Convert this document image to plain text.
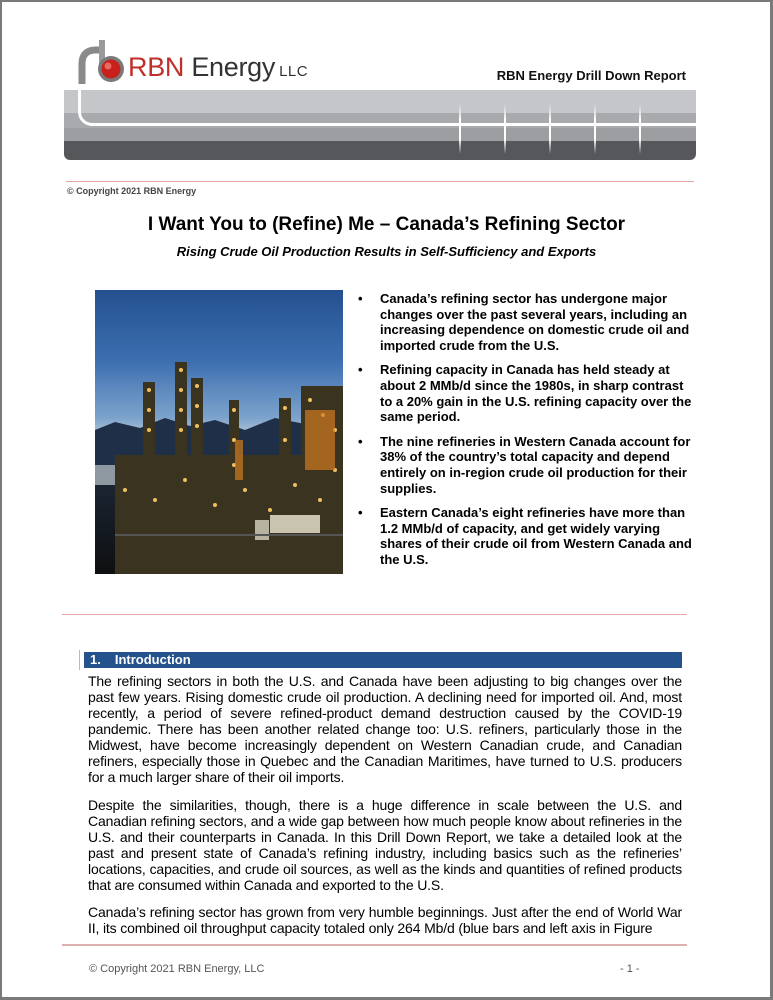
RBN Energy LLC	RBN Energy Drill Down Report
© Copyright 2021 RBN Energy
I Want You to (Refine) Me – Canada’s Refining Sector
Rising Crude Oil Production Results in Self-Sufficiency and Exports
• Canada’s refining sector has undergone major changes over the past several years, including an increasing dependence on domestic crude oil and imported crude from the U.S.
• Refining capacity in Canada has held steady at about 2 MMb/d since the 1980s, in sharp contrast to a 20% gain in the U.S. refining capacity over the same period.
• The nine refineries in Western Canada account for 38% of the country’s total capacity and depend entirely on in-region crude oil production for their supplies.
• Eastern Canada’s eight refineries have more than 1.2 MMb/d of capacity, and get widely varying shares of their crude oil from Western Canada and the U.S.
1. Introduction

The refining sectors in both the U.S. and Canada have been adjusting to big changes over the past few years. Rising domestic crude oil production. A declining need for imported oil. And, most recently, a period of severe refined-product demand destruction caused by the COVID-19 pandemic. There has been another related change too: U.S. refiners, particularly those in the Midwest, have become increasingly dependent on Western Canadian crude, and Canadian refiners, especially those in Quebec and the Canadian Maritimes, have turned to U.S. producers for a much larger share of their oil imports.

Despite the similarities, though, there is a huge difference in scale between the U.S. and Canadian refining sectors, and a wide gap between how much people know about refineries in the U.S. and their counterparts in Canada. In this Drill Down Report, we take a detailed look at the past and present state of Canada’s refining industry, including basics such as the refineries’ locations, capacities, and crude oil sources, as well as the kinds and quantities of refined products that are consumed within Canada and exported to the U.S.

Canada’s refining sector has grown from very humble beginnings. Just after the end of World War II, its combined oil throughput capacity totaled only 264 Mb/d (blue bars and left axis in Figure

© Copyright 2021 RBN Energy, LLC	- 1 -
